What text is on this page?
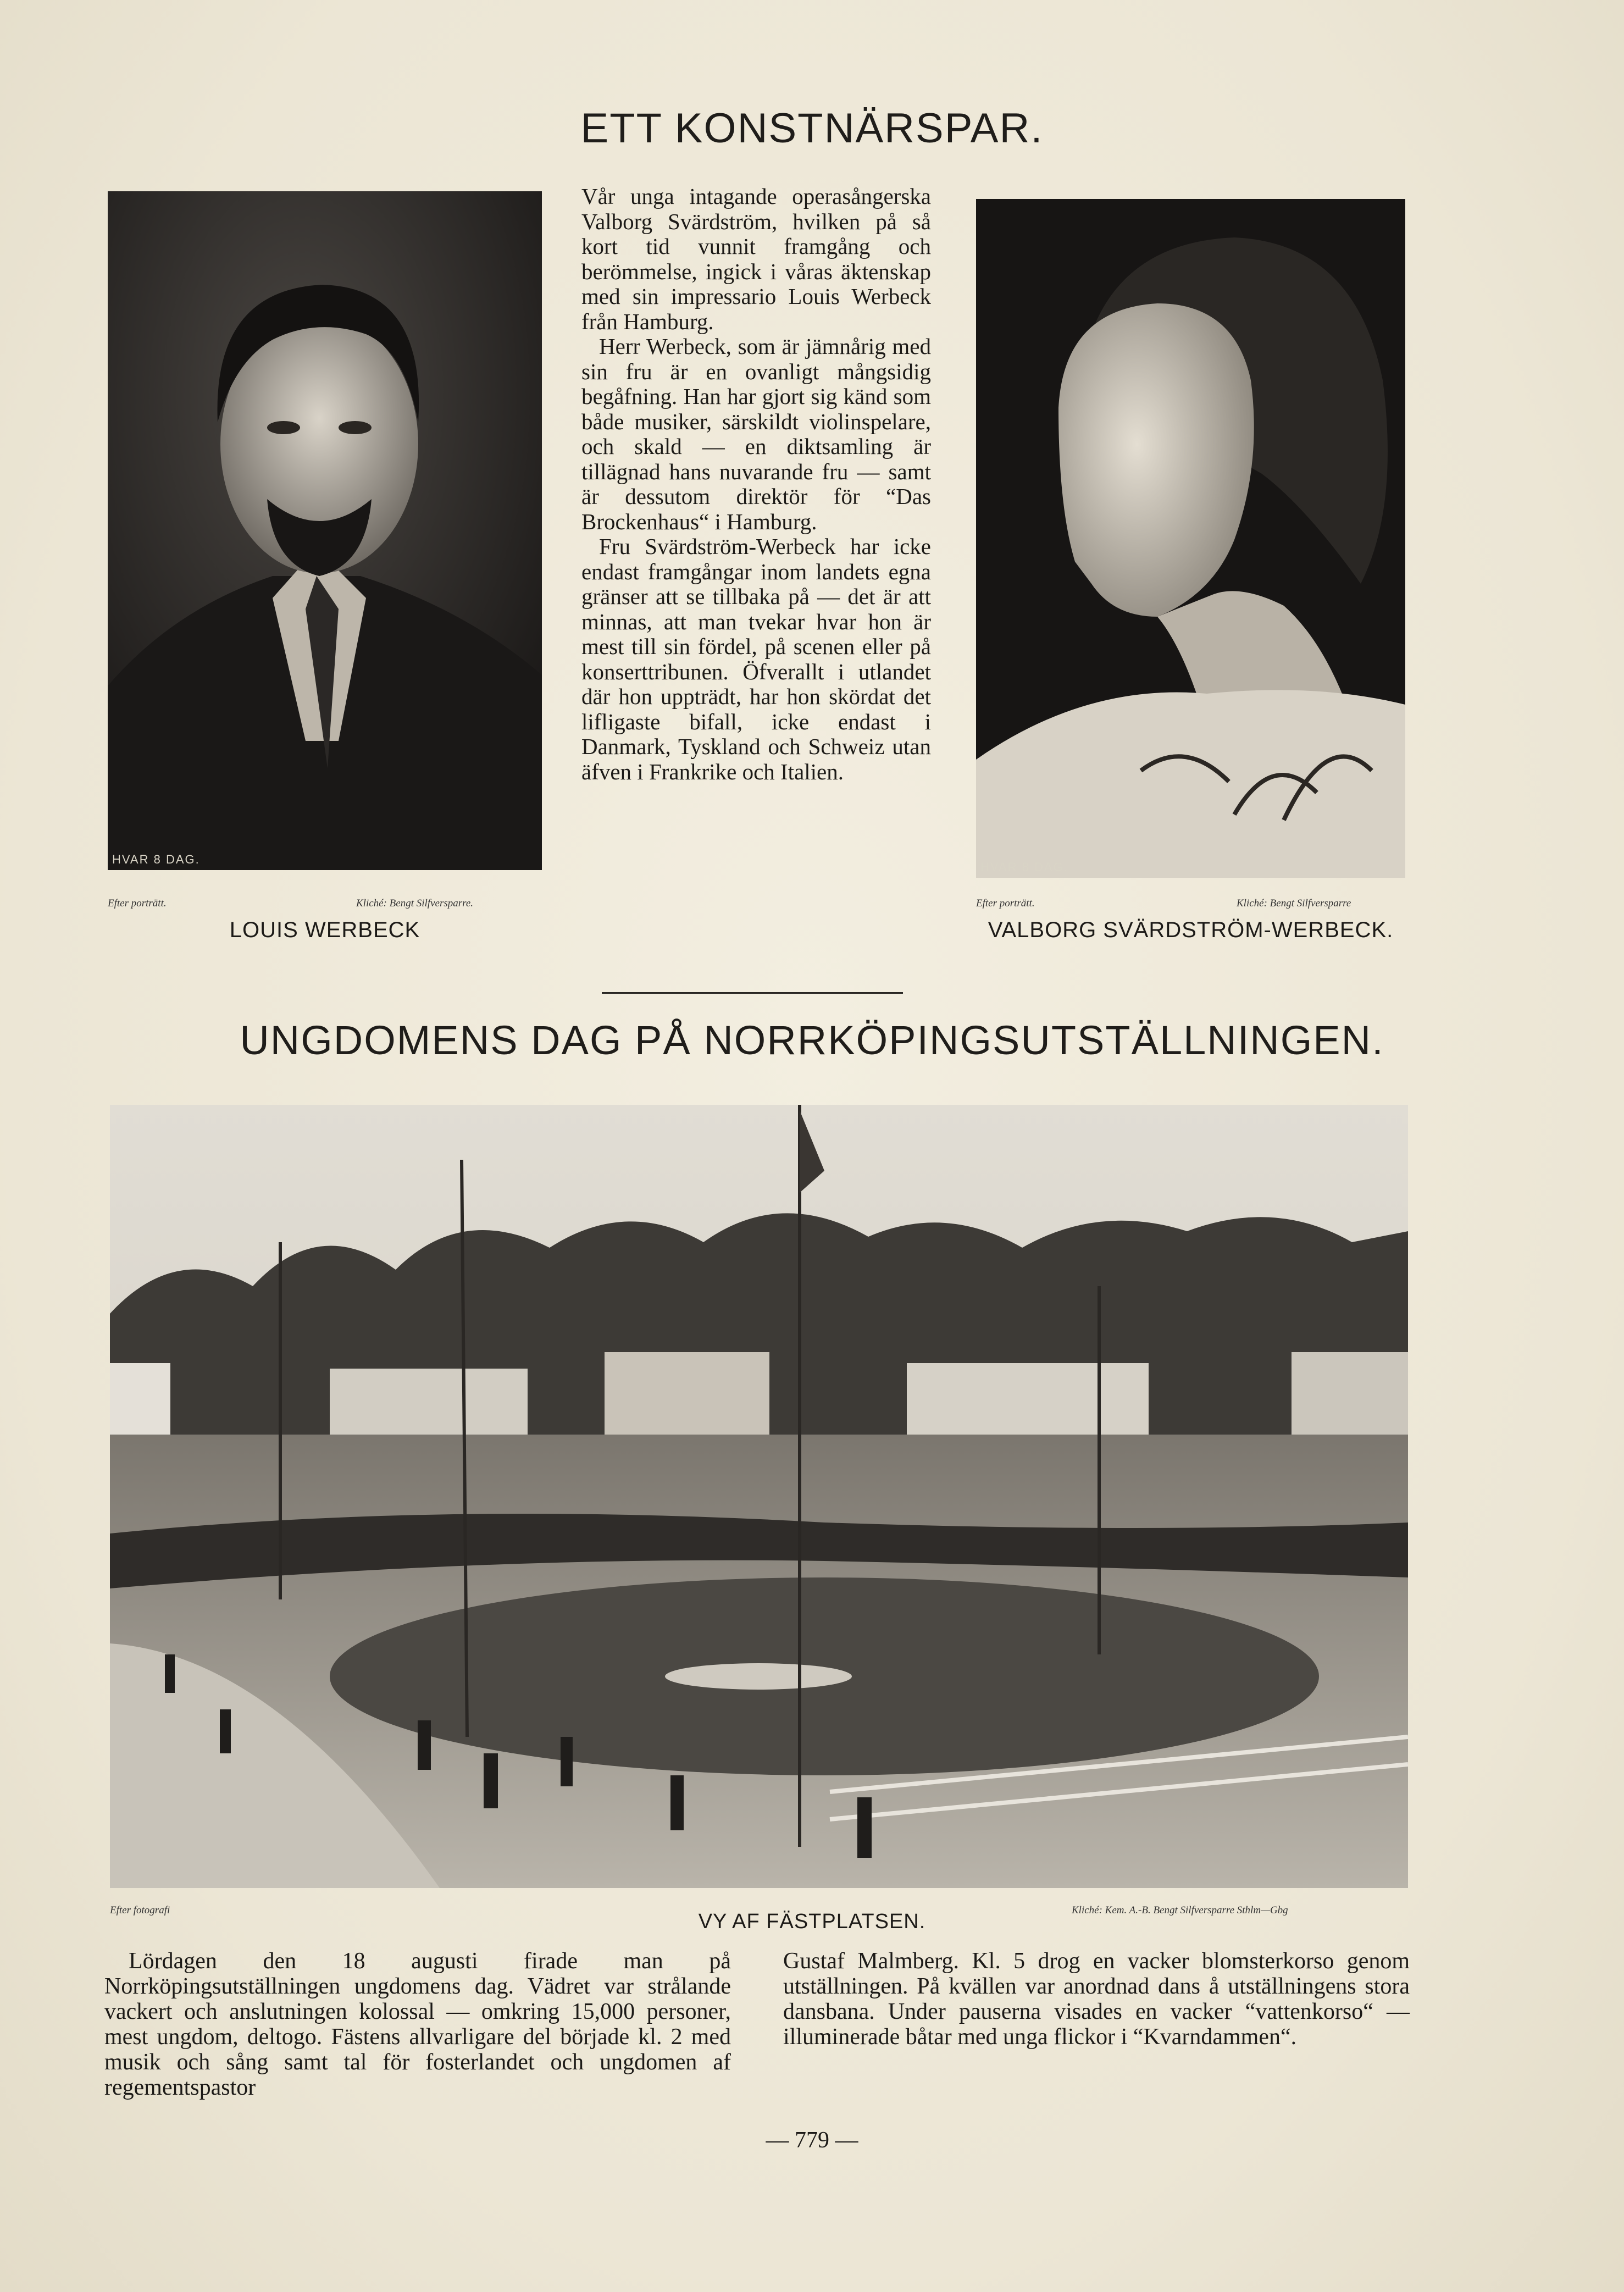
ETT KONSTNÄRSPAR.
HVAR 8 DAG.
Efter porträtt.	Kliché: Bengt Silfversparre.
LOUIS WERBECK

Vår unga intagande operasångerska Valborg Svärdström, hvilken på så kort tid vunnit framgång och berömmelse, ingick i våras äktenskap med sin impressario Louis Werbeck från Hamburg.

Herr Werbeck, som är jämnårig med sin fru är en ovanligt mångsidig begåfning. Han har gjort sig känd som både musiker, särskildt violinspelare, och skald — en diktsamling är tillägnad hans nuvarande fru — samt är dessutom direktör för “Das Brockenhaus“ i Hamburg.

Fru Svärdström-Werbeck har icke endast framgångar inom landets egna gränser att se tillbaka på — det är att minnas, att man tvekar hvar hon är mest till sin fördel, på scenen eller på konserttribunen. Öfverallt i utlandet där hon uppträdt, har hon skördat det lifligaste bifall, icke endast i Danmark, Tyskland och Schweiz utan äfven i Frankrike och Italien.

HVAR 8 DAG.
Efter porträtt.	Kliché: Bengt Silfversparre
VALBORG SVÄRDSTRÖM-WERBECK.
UNGDOMENS DAG PÅ NORRKÖPINGSUTSTÄLLNINGEN.
Efter fotografi	VY AF FÄSTPLATSEN.	Kliché: Kem. A.-B. Bengt Silfversparre Sthlm—Gbg

Lördagen den 18 augusti firade man på Norrköpingsutställningen ungdomens dag. Vädret var strålande vackert och anslutningen kolossal — omkring 15,000 personer, mest ungdom, deltogo. Fästens allvarligare del började kl. 2 med musik och sång samt tal för fosterlandet och ungdomen af regementspastor

Gustaf Malmberg. Kl. 5 drog en vacker blomsterkorso genom utställningen. På kvällen var anordnad dans å utställningens stora dansbana. Under pauserna visades en vacker “vattenkorso“ — illuminerade båtar med unga flickor i “Kvarndammen“.

— 779 —
